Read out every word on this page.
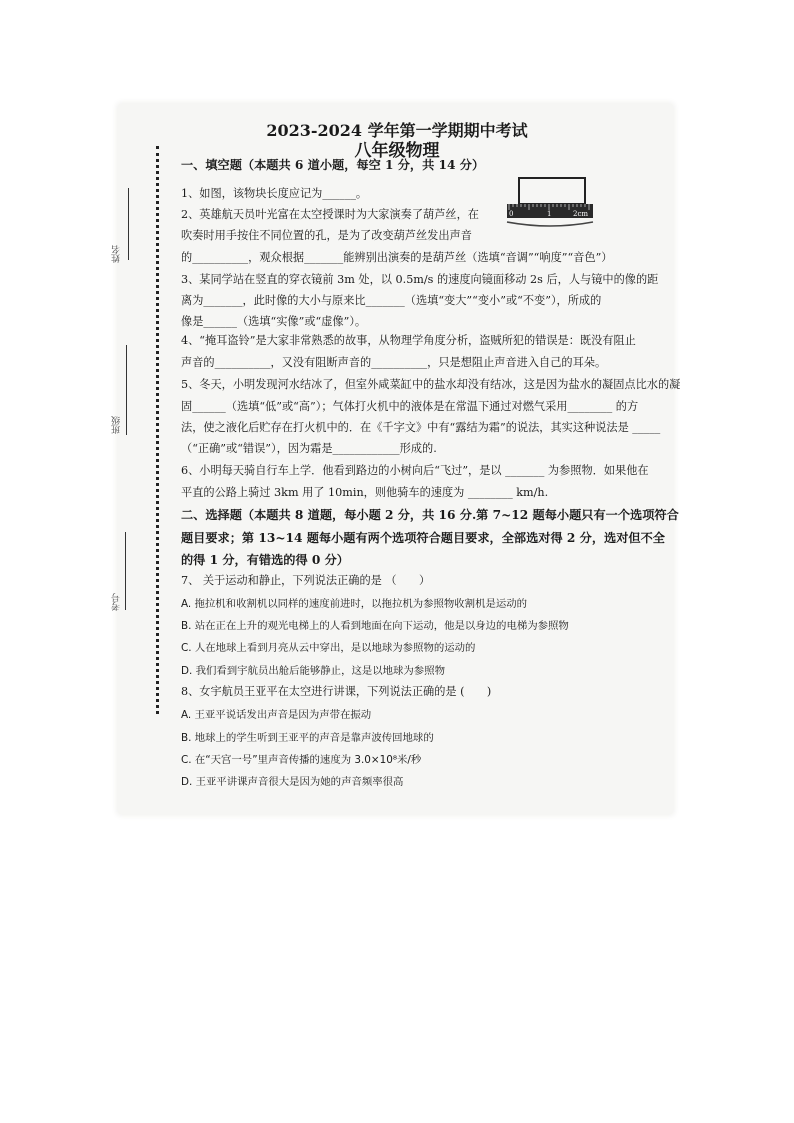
姓名
班级
考号
2023-2024 学年第一学期期中考试
八年级物理
一、填空题（本题共 6 道小题，每空 1 分，共 14 分）
1、如图，该物块长度应记为______。
2、英雄航天员叶光富在太空授课时为大家演奏了葫芦丝，在
吹奏时用手按住不同位置的孔，是为了改变葫芦丝发出声音
的__________，观众根据_______能辨别出演奏的是葫芦丝（选填“音调”“响度”“音色”）
3、某同学站在竖直的穿衣镜前 3m 处，以 0.5m/s 的速度向镜面移动 2s 后，人与镜中的像的距
离为_______，此时像的大小与原来比_______（选填“变大”“变小”或“不变”），所成的
像是______（选填“实像”或“虚像”）。
4、“掩耳盗铃”是大家非常熟悉的故事，从物理学角度分析，盗贼所犯的错误是：既没有阻止
声音的__________，又没有阻断声音的__________，只是想阻止声音进入自己的耳朵。
5、冬天，小明发现河水结冰了，但室外咸菜缸中的盐水却没有结冰，这是因为盐水的凝固点比水的凝
固______（选填“低”或“高”）；气体打火机中的液体是在常温下通过对燃气采用________ 的方
法，使之液化后贮存在打火机中的．在《千字文》中有“露结为霜”的说法，其实这种说法是 _____
（“正确”或“错误”），因为霜是____________形成的.
6、小明每天骑自行车上学．他看到路边的小树向后“飞过”，是以 _______ 为参照物．如果他在
平直的公路上骑过 3km 用了 10min，则他骑车的速度为 ________ km/h.
二、选择题（本题共 8 道题，每小题 2 分，共 16 分.第 7~12 题每小题只有一个选项符合
题目要求；第 13~14 题每小题有两个选项符合题目要求，全部选对得 2 分，选对但不全
的得 1 分，有错选的得 0 分）
7、 关于运动和静止，下列说法正确的是 （　　）
A. 拖拉机和收割机以同样的速度前进时，以拖拉机为参照物收割机是运动的
B. 站在正在上升的观光电梯上的人看到地面在向下运动，他是以身边的电梯为参照物
C. 人在地球上看到月亮从云中穿出，是以地球为参照物的运动的
D. 我们看到宇航员出舱后能够静止，这是以地球为参照物
8、女宇航员王亚平在太空进行讲课，下列说法正确的是 (　　)
A. 王亚平说话发出声音是因为声带在振动
B. 地球上的学生听到王亚平的声音是靠声波传回地球的
C. 在“天宫一号”里声音传播的速度为 3.0×10⁸米/秒
D. 王亚平讲课声音很大是因为她的声音频率很高
0	1	2cm
